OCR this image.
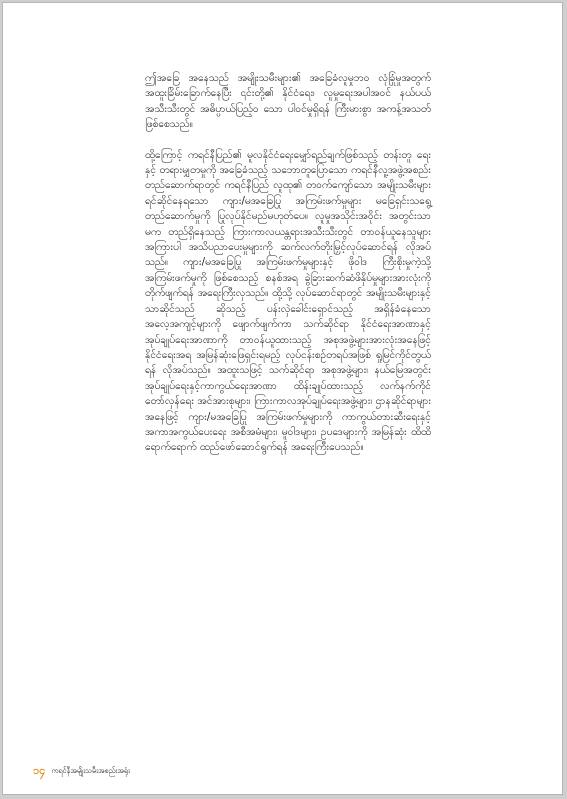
ဤအခြေ အနေသည် အမျိုးသမီးများ၏ အခြေခံလူမှုဘဝ လုံခြုံမှုအတွက် အထူးခြိမ်းခြောက်နေပြီး ၎င်းတို့၏ နိုင်ငံရေး၊ လူမှုရေးအပါအဝင် နယ်ပယ်အသီးသီးတွင် အဓိပ္ပာယ်ပြည့်ဝ သော ပါဝင်မှုရှိရန် ကြီးမားစွာ အကန့်အသတ်ဖြစ်စေသည်။

ထို့ကြောင့် ကရင်နီပြည်၏ မူလနိုင်ငံရေးမျှော်ရည်ချက်ဖြစ်သည့် တန်းတူ ရေးနှင့် တရားမျှတမှုကို အခြေခံသည့် သဘောတူပြောသော ကရင်နီလူ့အဖွဲ့အစည်းတည်ဆောက်ရာတွင် ကရင်နီပြည် လူထု၏ တဝက်ကျော်သော အမျိုးသမီးများ ရင်ဆိုင်နေရသော ကျား/မအခြေပြု အကြမ်းဖက်မှုများ မခြေရှင်းသရွေ့ တည်ဆောက်မှုကို ပြုလုပ်နိုင်မည်မဟုတ်ပေ။ လူမှုအသိုင်းအဝိုင်း အတွင်းသာမက တည်ရှိနေသည့် ကြားကာလယန္တရားအသီးသီးတွင် တာဝန်ယူနေသူများအကြားပါ အသိပညာပေးမှုများကို ဆက်လက်တိုးမြှင့်လုပ်ဆောင်ရန် လိုအပ်သည်။ ကျား/မအခြေပြု အကြမ်းဖက်မှုများနှင့် ဖိုဝါဒ ကြီးစိုးမှုကဲ့သို့ အကြမ်းဖက်မှုကို ဖြစ်စေသည့် စနစ်အရ ခွဲခြားဆက်ဆံဖိနှိပ်မှုများအားလုံးကို တိုက်ဖျက်ရန် အရေးကြီးလှသည်။ ထို့သို့ လုပ်ဆောင်ရာတွင် အမျိုးသမီးများနှင့်သာဆိုင်သည် ဆိုသည့် ပန်းလှဲခေါင်းရှောင်သည့် အရှိန်ခံနေသော အလေ့အကျင့်များကို ဖျောက်ဖျက်ကာ သက်ဆိုင်ရာ နိုင်ငံရေးအာဏာနှင့် အုပ်ချုပ်ရေးအာဏာကို တာဝန်ယူထားသည့် အစုအဖွဲ့များအားလုံးအနေဖြင့် နိုင်ငံရေးအရ အမြန်ဆုံးဖြေရှင်းရမည့် လုပ်ငန်းစဉ်တရပ်အဖြစ် ရှုမြင်ကိုင်တွယ်ရန် လိုအပ်သည်။ အထူးသဖြင့် သက်ဆိုင်ရာ အစုအဖွဲ့များ၊ နယ်မြေအတွင်း အုပ်ချုပ်ရေးနှင့်ကာကွယ်ရေးအာဏာ ထိန်းချုပ်ထားသည့် လက်နက်ကိုင်တော်လှန်ရေး အင်အားစုများ၊ ကြားကာလအုပ်ချုပ်ရေးအဖွဲ့များ၊ ဌာနဆိုင်ရာများအနေဖြင့် ကျား/မအခြေပြု အကြမ်းဖက်မှုများကို ကာကွယ်တားဆီးရေးနှင့် အကာအကွယ်ပေးရေး အစီအမံများ၊ မူဝါဒများ၊ ဥပဒေများကို အမြန်ဆုံး ထိထိရောက်ရောက် ထည်ဖော်ဆောင်ရွက်ရန် အရေးကြီးပေသည်။

၁၄ ကရင်နီအမျိုးသမီးအစည်းအရုံး
